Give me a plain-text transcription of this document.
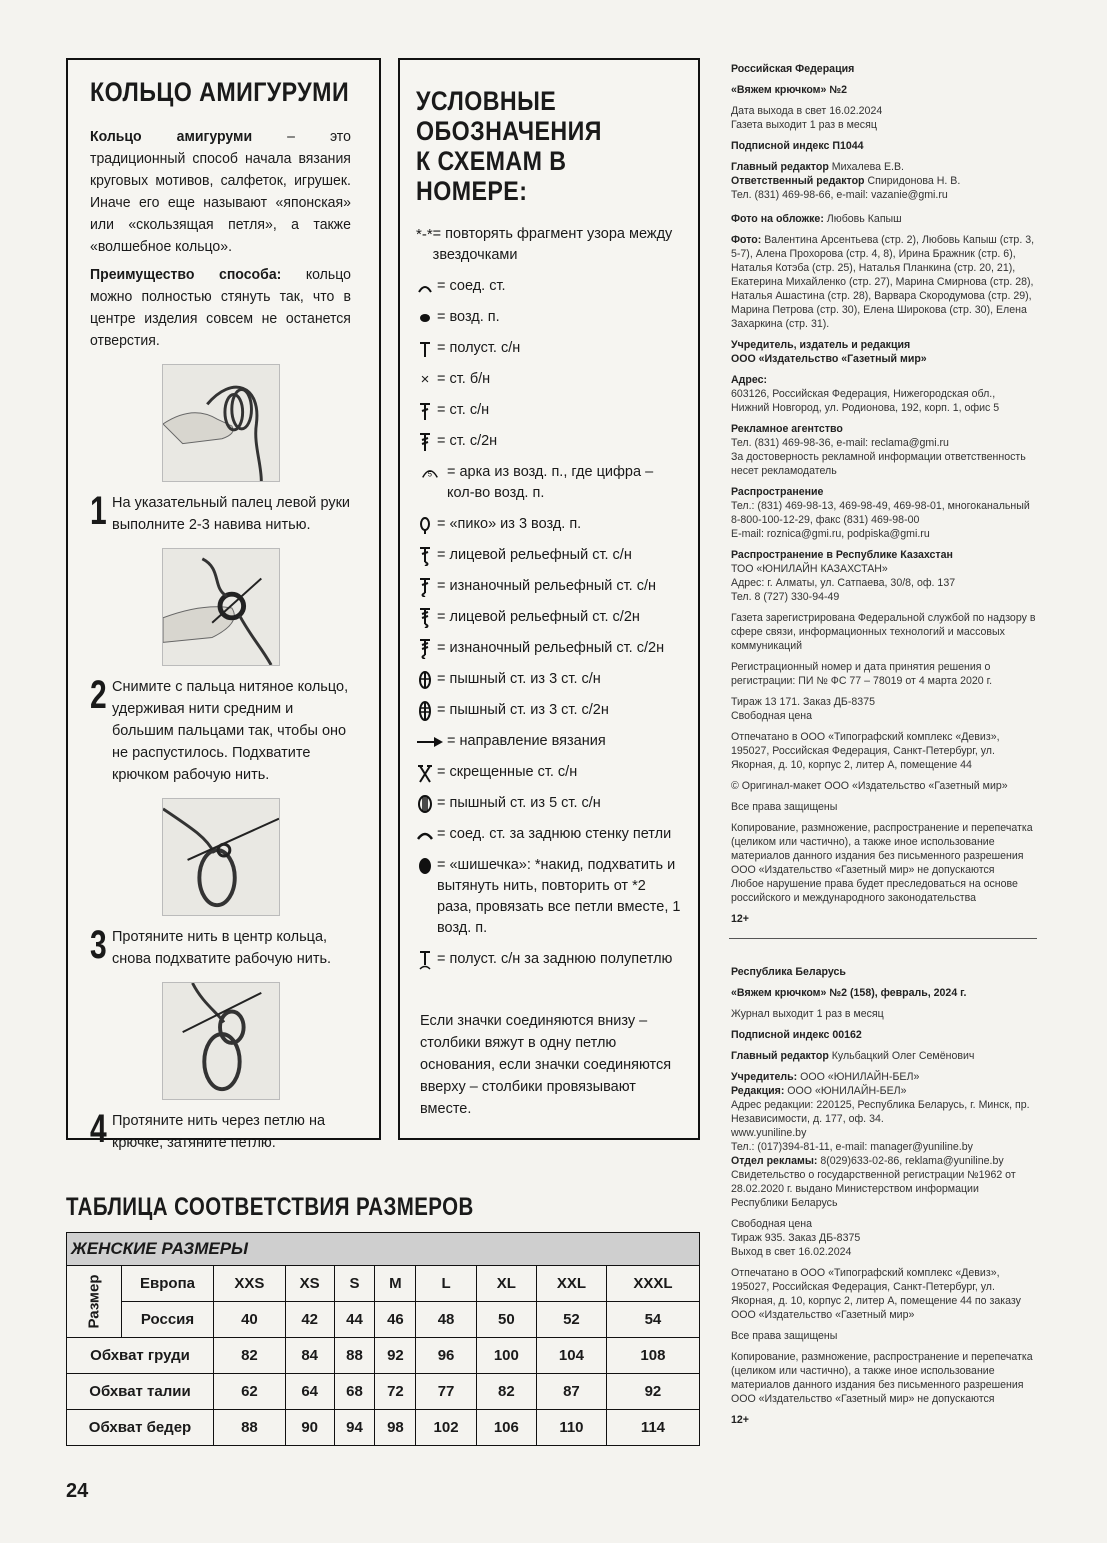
КОЛЬЦО АМИГУРУМИ

Кольцо амигуруми – это традиционный способ начала вязания круговых мотивов, салфеток, игрушек. Иначе его еще называют «японская» или «скользящая петля», а также «волшебное кольцо».

Преимущество способа: кольцо можно полностью стянуть так, что в центре изделия совсем не останется отверстия.

1 На указательный палец левой руки выполните 2-3 навива нитью.
2 Снимите с пальца нитяное кольцо, удерживая нити средним и большим пальцами так, чтобы оно не распустилось. Подхватите крючком рабочую нить.
3 Протяните нить в центр кольца, снова подхватите рабочую нить.
4 Протяните нить через петлю на крючке, затяните петлю.
УСЛОВНЫЕ
ОБОЗНАЧЕНИЯ
К СХЕМАМ В НОМЕРЕ:
*-* = повторять фрагмент узора между звездочками
= соед. ст.
= возд. п.
= полуст. с/н
× = ст. б/н
= ст. с/н
= ст. с/2н
5 = арка из возд. п., где цифра – кол-во возд. п.
= «пико» из 3 возд. п.
= лицевой рельефный ст. с/н
= изнаночный рельефный ст. с/н
= лицевой рельефный ст. с/2н
= изнаночный рельефный ст. с/2н
= пышный ст. из 3 ст. с/н
= пышный ст. из 3 ст. с/2н
= направление вязания
= скрещенные ст. с/н
= пышный ст. из 5 ст. с/н
= соед. ст. за заднюю стенку петли
= «шишечка»: *накид, подхватить и вытянуть нить, повторить от *2 раза, провязать все петли вместе, 1 возд. п.
= полуст. с/н за заднюю полупетлю
Если значки соединяются внизу – столбики вяжут в одну петлю основания, если значки соединяются вверху – столбики провязывают вместе.
Российская Федерация
«Вяжем крючком» №2
Дата выхода в свет 16.02.2024
Газета выходит 1 раз в месяц
Подписной индекс П1044
Главный редактор Михалева Е.В.
Ответственный редактор Спиридонова Н. В.
Тел. (831) 469-98-66, e-mail: vazanie@gmi.ru
Фото на обложке: Любовь Капыш
Фото: Валентина Арсентьева (стр. 2), Любовь Капыш (стр. 3, 5-7), Алена Прохорова (стр. 4, 8), Ирина Бражник (стр. 6), Наталья Котэба (стр. 25), Наталья Планкина (стр. 20, 21), Екатерина Михайленко (стр. 27), Марина Смирнова (стр. 28), Наталья Ашастина (стр. 28), Варвара Скородумова (стр. 29), Марина Петрова (стр. 30), Елена Широкова (стр. 30), Елена Захаркина (стр. 31).
Учредитель, издатель и редакция
ООО «Издательство «Газетный мир»
Адрес:
603126, Российская Федерация, Нижегородская обл., Нижний Новгород, ул. Родионова, 192, корп. 1, офис 5
Рекламное агентство
Тел. (831) 469-98-36, e-mail: reclama@gmi.ru
За достоверность рекламной информации ответственность несет рекламодатель
Распространение
Тел.: (831) 469-98-13, 469-98-49, 469-98-01, многоканальный 8-800-100-12-29, факс (831) 469-98-00
E-mail: roznica@gmi.ru, podpiska@gmi.ru
Распространение в Республике Казахстан
ТОО «ЮНИЛАЙН КАЗАХСТАН»
Адрес: г. Алматы, ул. Сатпаева, 30/8, оф. 137
Тел. 8 (727) 330-94-49
Газета зарегистрирована Федеральной службой по надзору в сфере связи, информационных технологий и массовых коммуникаций
Регистрационный номер и дата принятия решения о регистрации: ПИ № ФС 77 – 78019 от 4 марта 2020 г.
Тираж 13 171. Заказ ДБ-8375
Свободная цена
Отпечатано в ООО «Типографский комплекс «Девиз», 195027, Российская Федерация, Санкт-Петербург, ул. Якорная, д. 10, корпус 2, литер А, помещение 44
© Оригинал-макет ООО «Издательство «Газетный мир»
Все права защищены
Копирование, размножение, распространение и перепечатка (целиком или частично), а также иное использование материалов данного издания без письменного разрешения ООО «Издательство «Газетный мир» не допускаются
Любое нарушение права будет преследоваться на основе российского и международного законодательства
12+
Республика Беларусь
«Вяжем крючком» №2 (158), февраль, 2024 г.
Журнал выходит 1 раз в месяц
Подписной индекс 00162
Главный редактор Кульбацкий Олег Семёнович
Учредитель: ООО «ЮНИЛАЙН-БЕЛ»
Редакция: ООО «ЮНИЛАЙН-БЕЛ»
Адрес редакции: 220125, Республика Беларусь, г. Минск, пр. Независимости, д. 177, оф. 34.
www.yuniline.by
Тел.: (017)394-81-11, e-mail: manager@yuniline.by
Отдел рекламы: 8(029)633-02-86, reklama@yuniline.by
Свидетельство о государственной регистрации №1962 от 28.02.2020 г. выдано Министерством информации Республики Беларусь
Свободная цена
Тираж 935. Заказ ДБ-8375
Выход в свет 16.02.2024
Отпечатано в ООО «Типографский комплекс «Девиз», 195027, Российская Федерация, Санкт-Петербург, ул. Якорная, д. 10, корпус 2, литер А, помещение 44 по заказу ООО «Издательство «Газетный мир»
Все права защищены
Копирование, размножение, распространение и перепечатка (целиком или частично), а также иное использование материалов данного издания без письменного разрешения ООО «Издательство «Газетный мир» не допускаются
12+
ТАБЛИЦА СООТВЕТСТВИЯ РАЗМЕРОВ
ЖЕНСКИЕ РАЗМЕРЫ									
Размер	Европа	XXS	XS	S	M	L	XL	XXL	XXXL
	Россия	40	42	44	46	48	50	52	54
Обхват груди		82	84	88	92	96	100	104	108
Обхват талии		62	64	68	72	77	82	87	92
Обхват бедер		88	90	94	98	102	106	110	114
24
